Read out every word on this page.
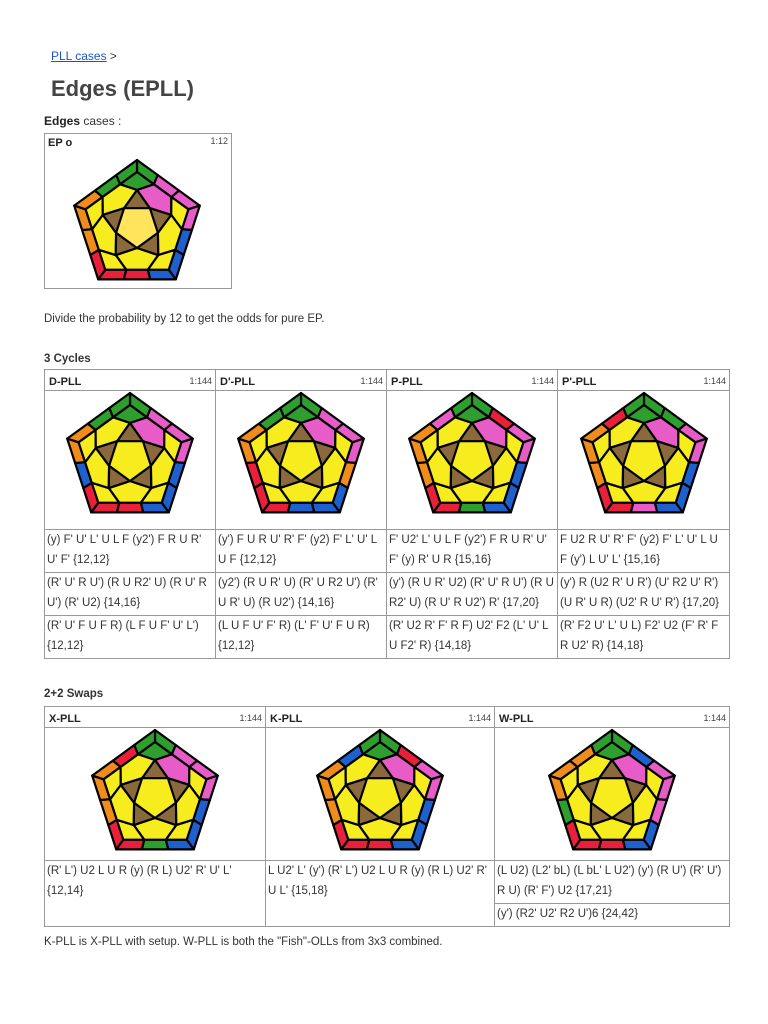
PLL cases >
Edges (EPLL)
Edges cases :
EP o	1:12
Divide the probability by 12 to get the odds for pure EP.
3 Cycles
D-PLL 1:144	D'-PLL 1:144	P-PLL 1:144	P'-PLL 1:144

(y) F' U' L' U L F (y2') F R U R' U' F' {12,12}	(y') F U R U' R' F' (y2) F' L' U' L U F {12,12}	F' U2' L' U L F (y2') F R U R' U' F' (y) R' U R {15,16}	F U2 R U' R' F' (y2) F' L' U' L U F (y') L U' L' {15,16}
(R' U' R U') (R U R2' U) (R U' R U') (R' U2) {14,16}	(y2') (R U R' U) (R' U R2 U') (R' U R' U) (R U2') {14,16}	(y') (R U R' U2) (R' U' R U') (R U R2' U) (R U' R U2') R' {17,20}	(y') R (U2 R' U R') (U' R2 U' R') (U R' U R) (U2' R U' R') {17,20}
(R' U' F U F R) (L F U F' U' L') {12,12}	(L U F U' F' R) (L' F' U' F U R) {12,12}	(R' U2 R' F' R F) U2' F2 (L' U' L U F2' R) {14,18}	(R' F2 U' L' U L) F2' U2 (F' R' F R U2' R) {14,18}
2+2 Swaps
X-PLL 1:144	K-PLL 1:144	W-PLL 1:144

(R' L') U2 L U R (y) (R L) U2' R' U' L' {12,14}	L U2' L' (y') (R' L') U2 L U R (y) (R L) U2' R' U L' {15,18}	(L U2) (L2' bL) (L bL' L U2') (y') (R U') (R' U') R U) (R' F') U2 {17,21}
		(y') (R2' U2' R2 U')6 {24,42}
K-PLL is X-PLL with setup. W-PLL is both the "Fish"-OLLs from 3x3 combined.
